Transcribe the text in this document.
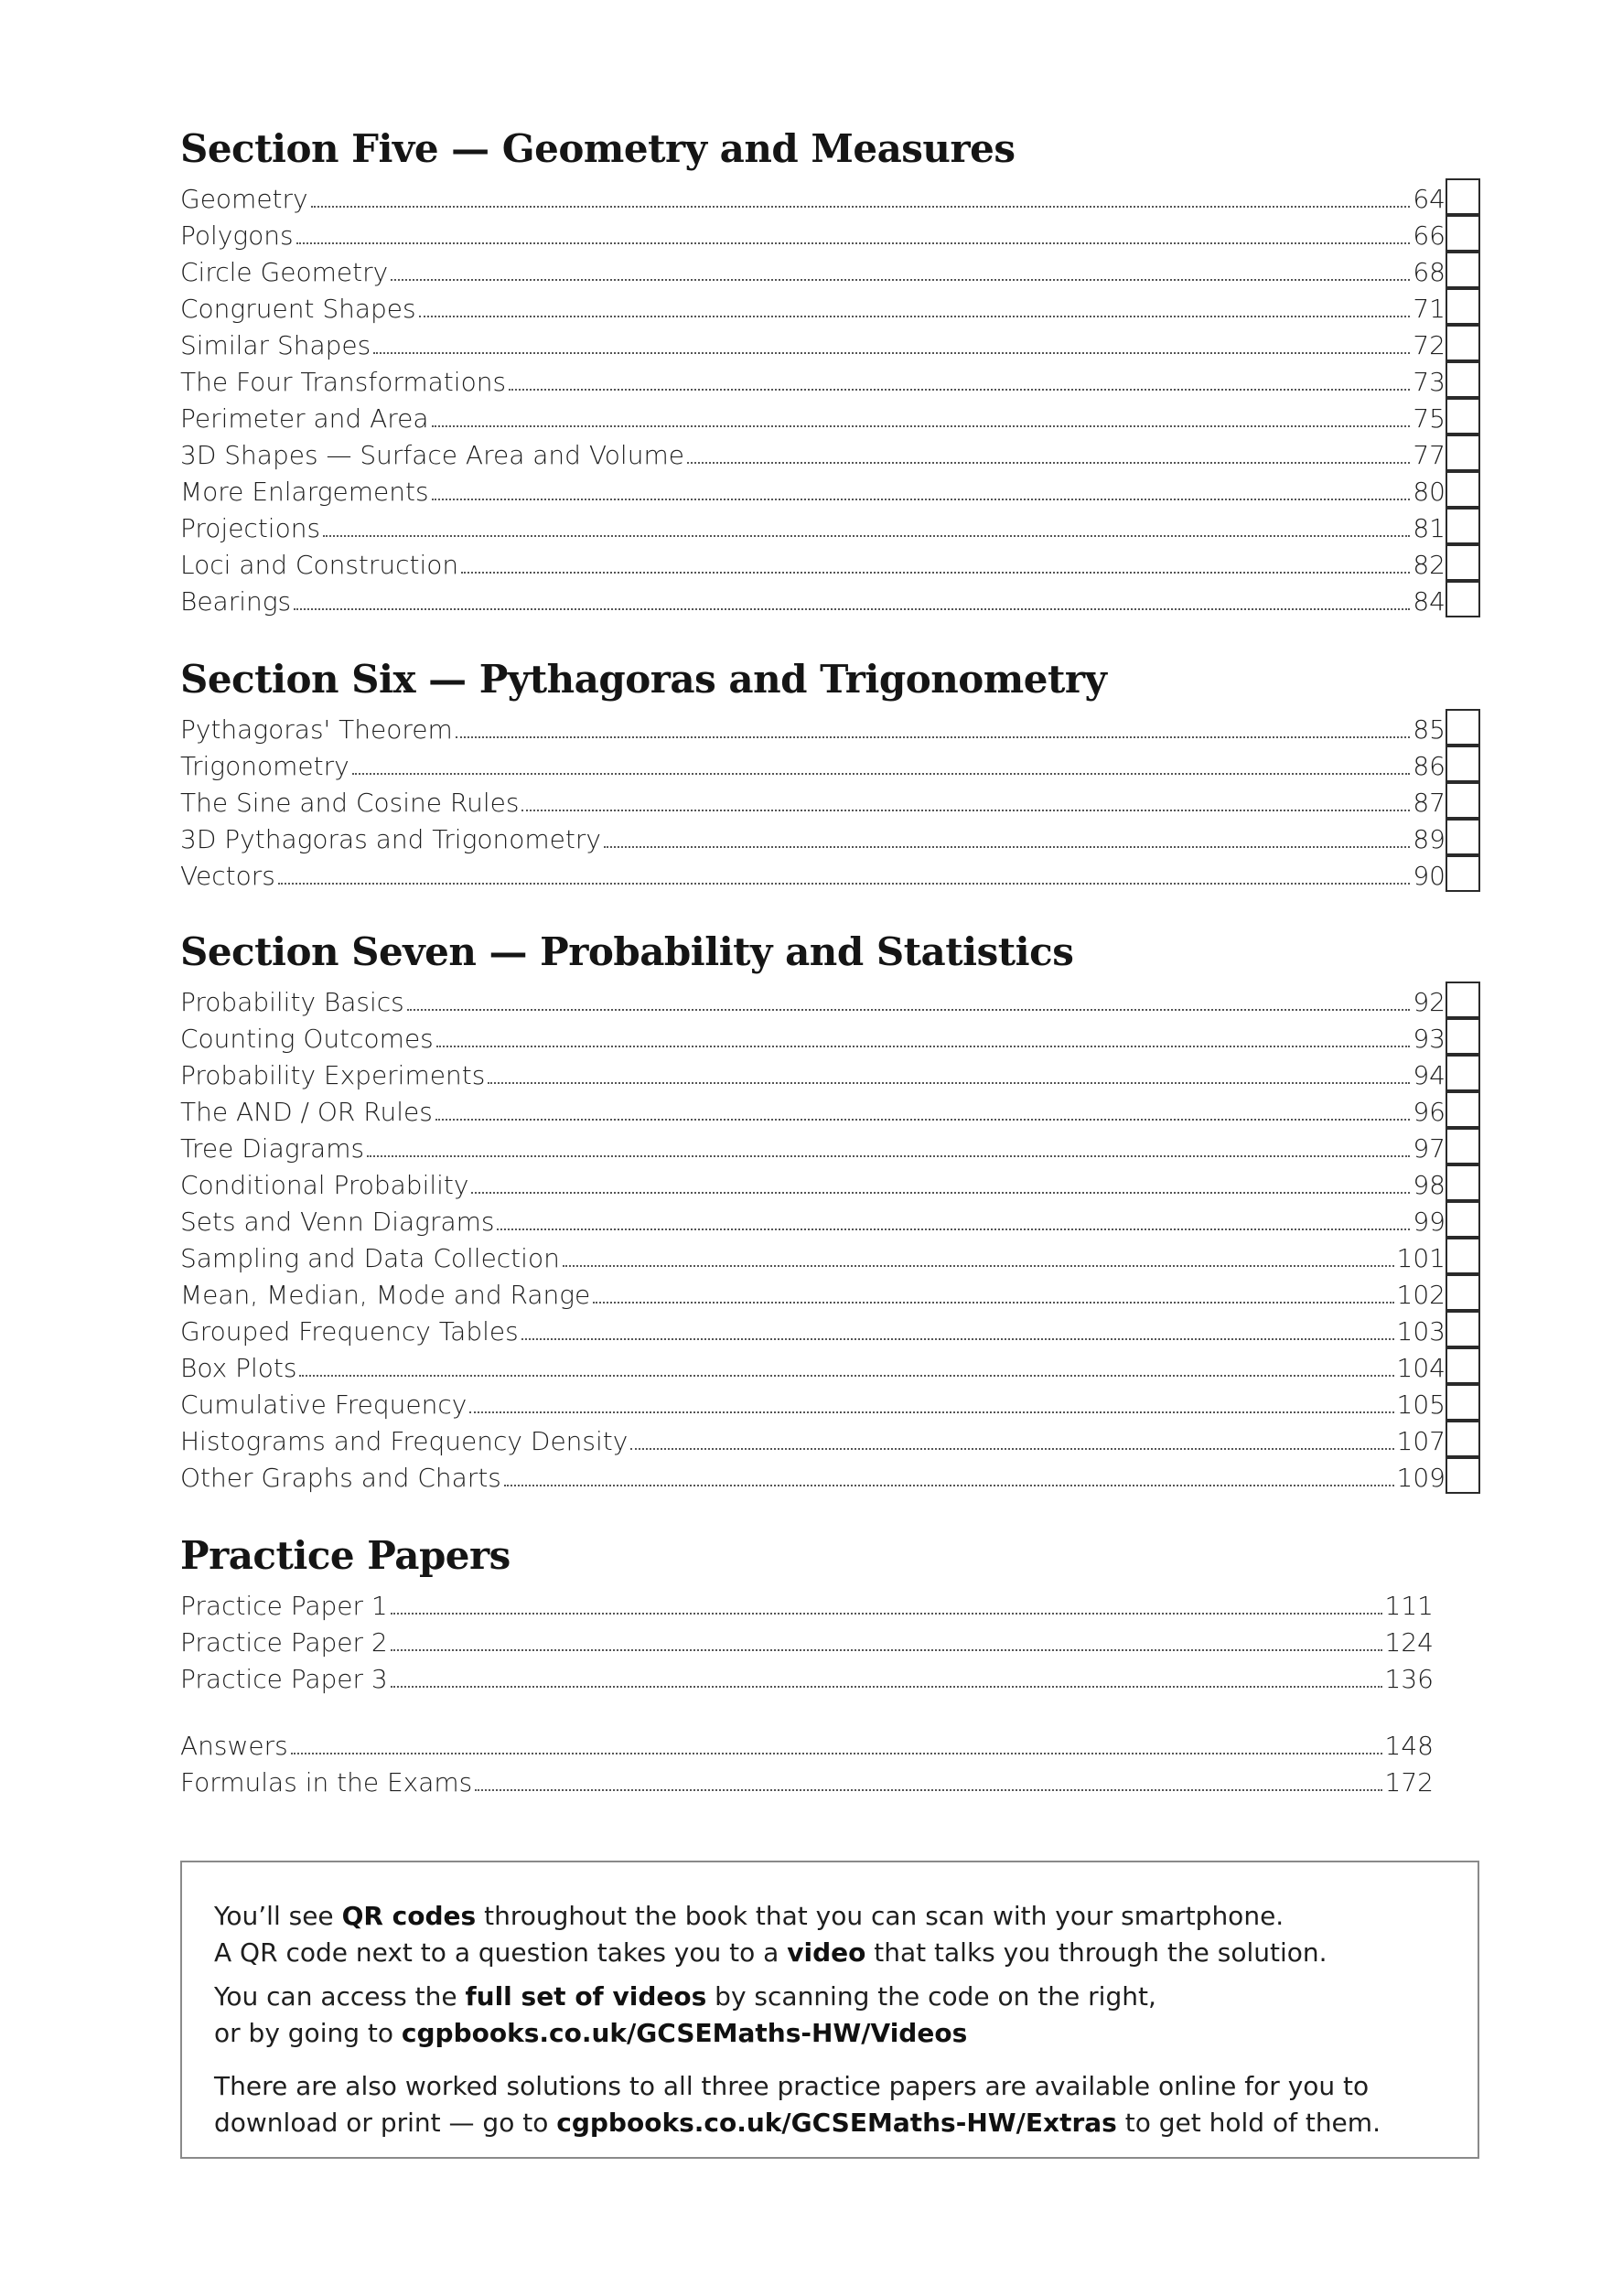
Section Five — Geometry and Measures
Geometry	64
Polygons	66
Circle Geometry	68
Congruent Shapes	71
Similar Shapes	72
The Four Transformations	73
Perimeter and Area	75
3D Shapes — Surface Area and Volume	77
More Enlargements	80
Projections	81
Loci and Construction	82
Bearings	84
Section Six — Pythagoras and Trigonometry
Pythagoras' Theorem	85
Trigonometry	86
The Sine and Cosine Rules	87
3D Pythagoras and Trigonometry	89
Vectors	90
Section Seven — Probability and Statistics
Probability Basics	92
Counting Outcomes	93
Probability Experiments	94
The AND / OR Rules	96
Tree Diagrams	97
Conditional Probability	98
Sets and Venn Diagrams	99
Sampling and Data Collection	101
Mean, Median, Mode and Range	102
Grouped Frequency Tables	103
Box Plots	104
Cumulative Frequency	105
Histograms and Frequency Density	107
Other Graphs and Charts	109
Practice Papers
Practice Paper 1	111
Practice Paper 2	124
Practice Paper 3	136
Answers	148
Formulas in the Exams	172
You’ll see QR codes throughout the book that you can scan with your smartphone.
A QR code next to a question takes you to a video that talks you through the solution.
You can access the full set of videos by scanning the code on the right,
or by going to cgpbooks.co.uk/GCSEMaths-HW/Videos
There are also worked solutions to all three practice papers are available online for you to
download or print — go to cgpbooks.co.uk/GCSEMaths-HW/Extras to get hold of them.
